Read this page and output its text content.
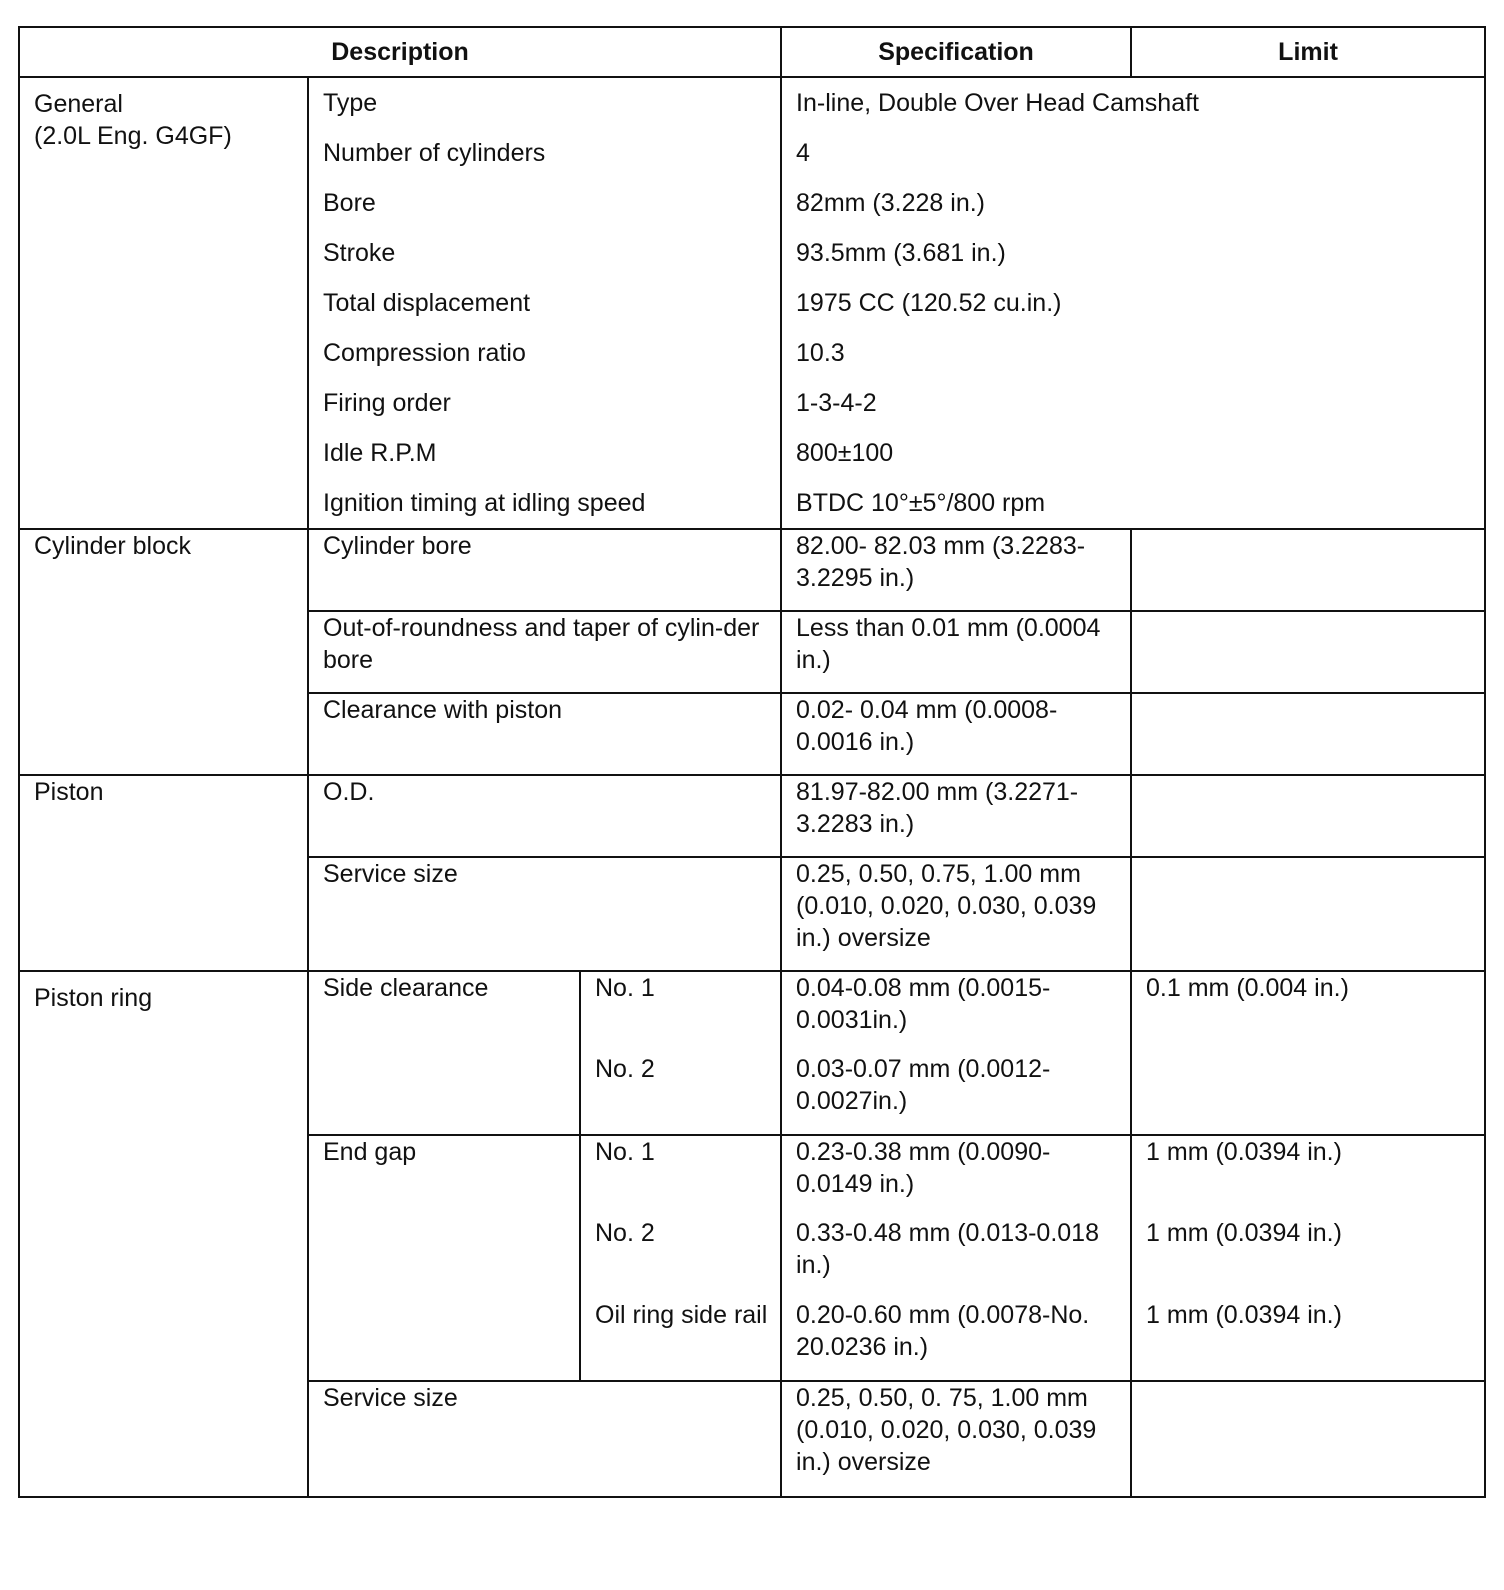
Description			Specification	Limit

General
(2.0L Eng. G4GF)	Type		In-line, Double Over Head Camshaft	
	Number of cylinders		4	
	Bore		82mm (3.228 in.)	
	Stroke		93.5mm (3.681 in.)	
	Total displacement		1975 CC (120.52 cu.in.)	
	Compression ratio		10.3	
	Firing order		1-3-4-2	
	Idle R.P.M		800±100	
	Ignition timing at idling speed		BTDC 10°±5°/800 rpm	
Cylinder block	Cylinder bore		82.00- 82.03 mm (3.2283-3.2295 in.)	
	Out-of-roundness and taper of cylin-der bore		Less than 0.01 mm (0.0004 in.)	
	Clearance with piston		0.02- 0.04 mm (0.0008-0.0016 in.)	
Piston	O.D.		81.97-82.00 mm (3.2271-3.2283 in.)	
	Service size		0.25, 0.50, 0.75, 1.00 mm (0.010, 0.020, 0.030, 0.039 in.) oversize	
Piston ring	Side clearance	No. 1	0.04-0.08 mm (0.0015-0.0031in.)	0.1 mm (0.004 in.)
		No. 2	0.03-0.07 mm (0.0012-0.0027in.)	
	End gap	No. 1	0.23-0.38 mm (0.0090-0.0149 in.)	1 mm (0.0394 in.)
		No. 2	0.33-0.48 mm (0.013-0.018 in.)	1 mm (0.0394 in.)
		Oil ring side rail	0.20-0.60 mm (0.0078-No. 20.0236 in.)	1 mm (0.0394 in.)
	Service size		0.25, 0.50, 0. 75, 1.00 mm (0.010, 0.020, 0.030, 0.039 in.) oversize	
